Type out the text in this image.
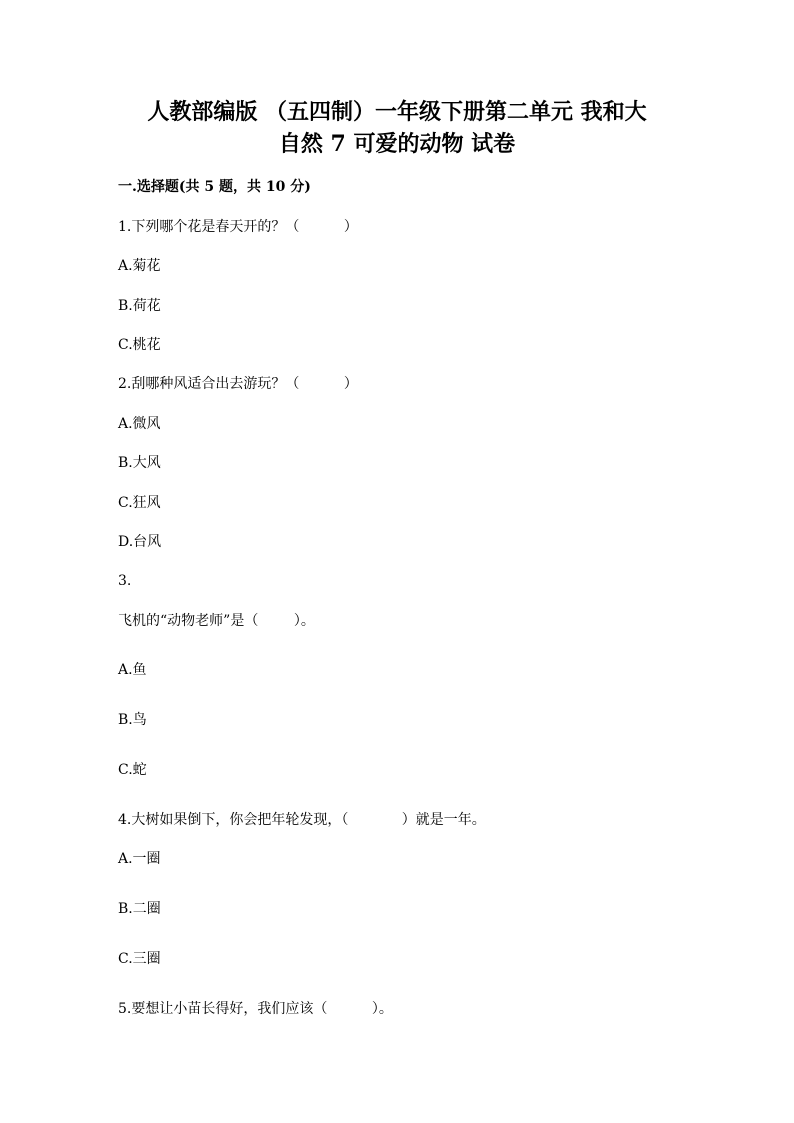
人教部编版 （五四制）一年级下册第二单元 我和大
自然 7 可爱的动物 试卷
一.选择题(共 5 题，共 10 分)
1.下列哪个花是春天开的？（          ）
A.菊花
B.荷花
C.桃花
2.刮哪种风适合出去游玩？（          ）
A.微风
B.大风
C.狂风
D.台风
3.
飞机的“动物老师”是（        ）。
A.鱼
B.鸟
C.蛇
4.大树如果倒下，你会把年轮发现，（            ）就是一年。
A.一圈
B.二圈
C.三圈
5.要想让小苗长得好，我们应该（          ）。
